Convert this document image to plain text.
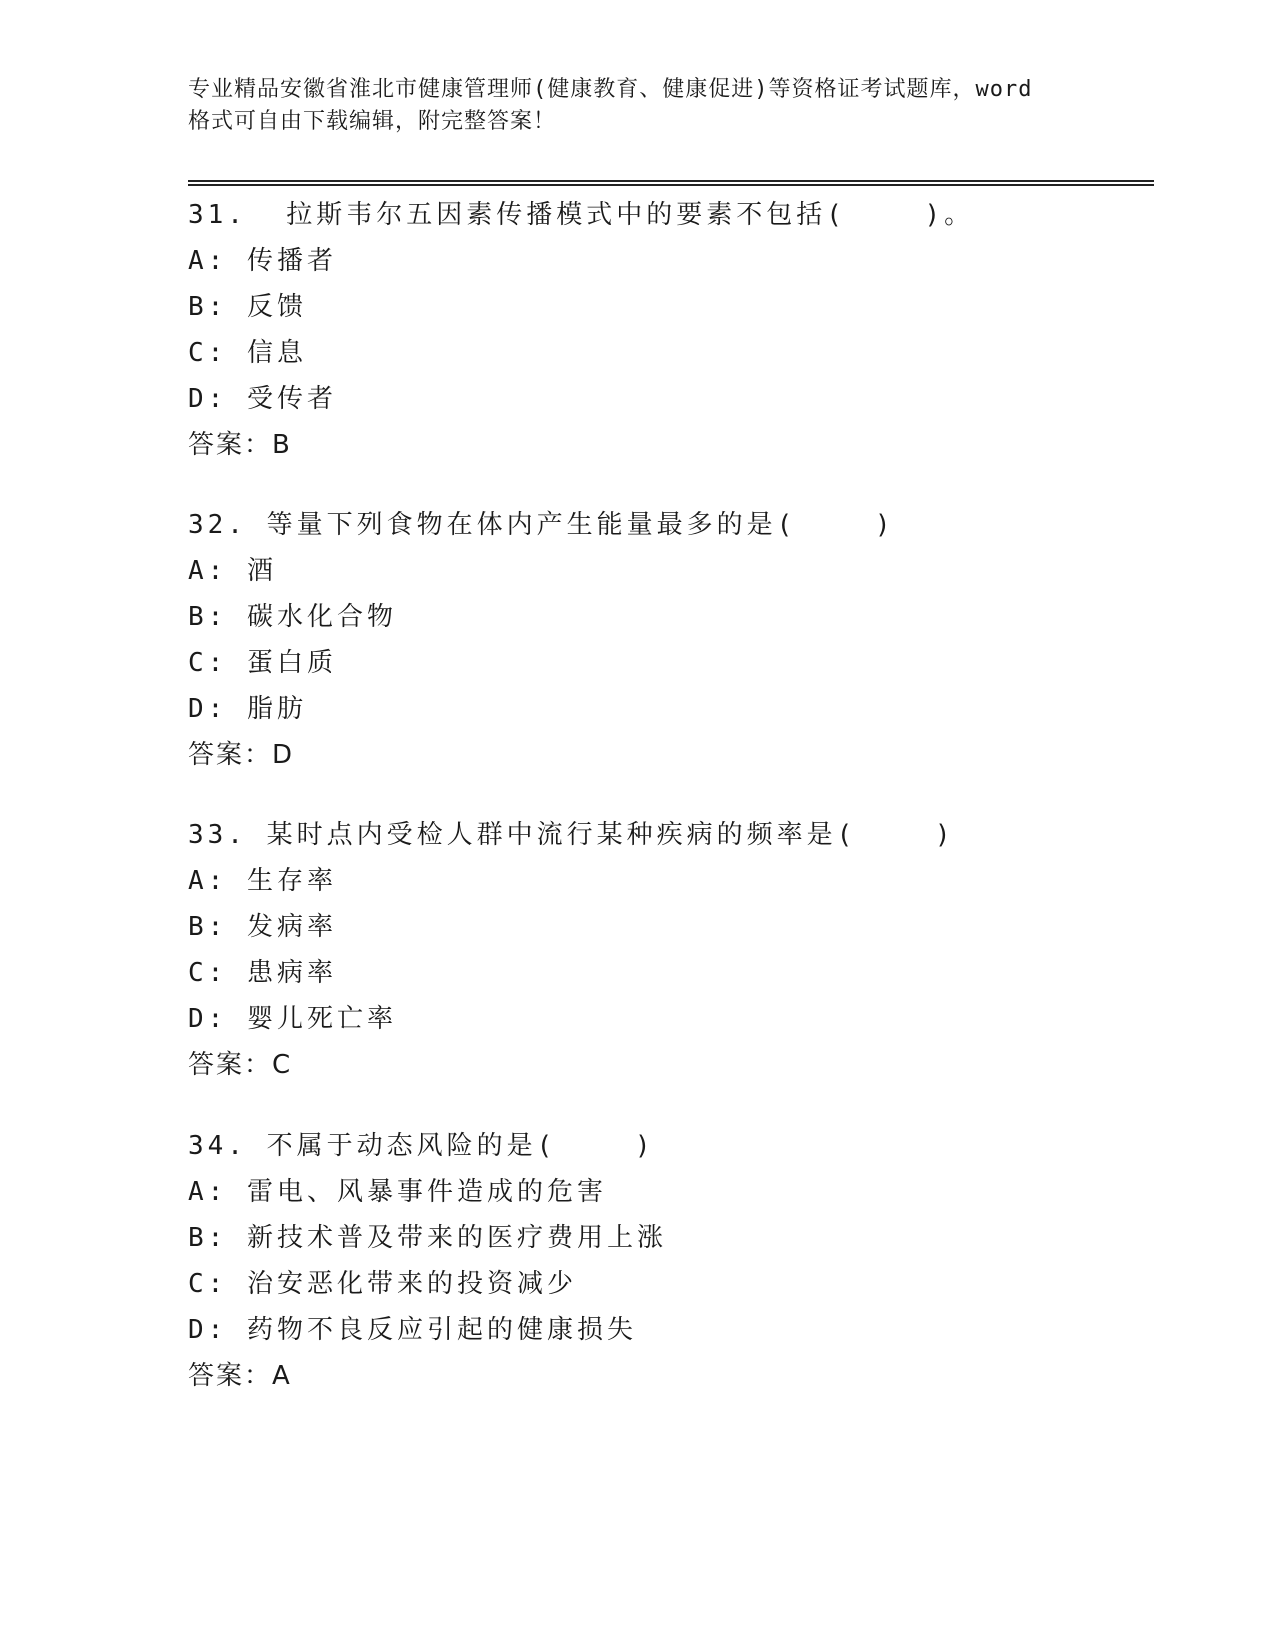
专业精品安徽省淮北市健康管理师(健康教育、健康促进)等资格证考试题库，word
格式可自由下载编辑，附完整答案！
31.  拉斯韦尔五因素传播模式中的要素不包括(    )。
A: 传播者
B: 反馈
C: 信息
D: 受传者
答案：B
32. 等量下列食物在体内产生能量最多的是(    )
A: 酒
B: 碳水化合物
C: 蛋白质
D: 脂肪
答案：D
33. 某时点内受检人群中流行某种疾病的频率是(    )
A: 生存率
B: 发病率
C: 患病率
D: 婴儿死亡率
答案：C
34. 不属于动态风险的是(    )
A: 雷电、风暴事件造成的危害
B: 新技术普及带来的医疗费用上涨
C: 治安恶化带来的投资减少
D: 药物不良反应引起的健康损失
答案：A
